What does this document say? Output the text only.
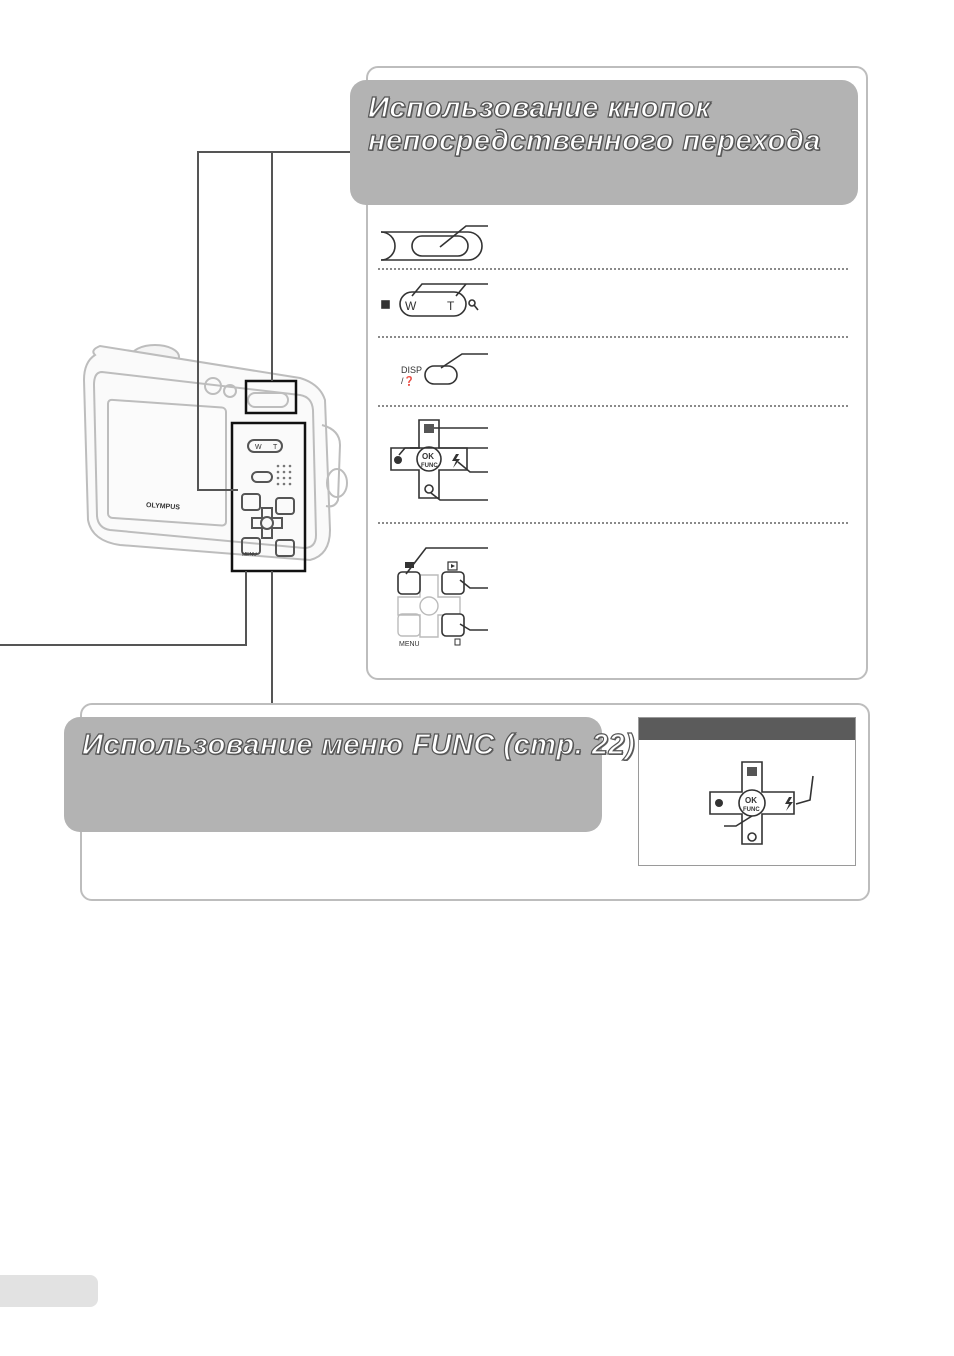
Использование кнопок

непосредственного перехода

Использование меню FUNC (стр. 22)

OLYMPUS
W T
MENU
W	T
DISP
/❓
OK
FUNC
MENU
OK
FUNC
